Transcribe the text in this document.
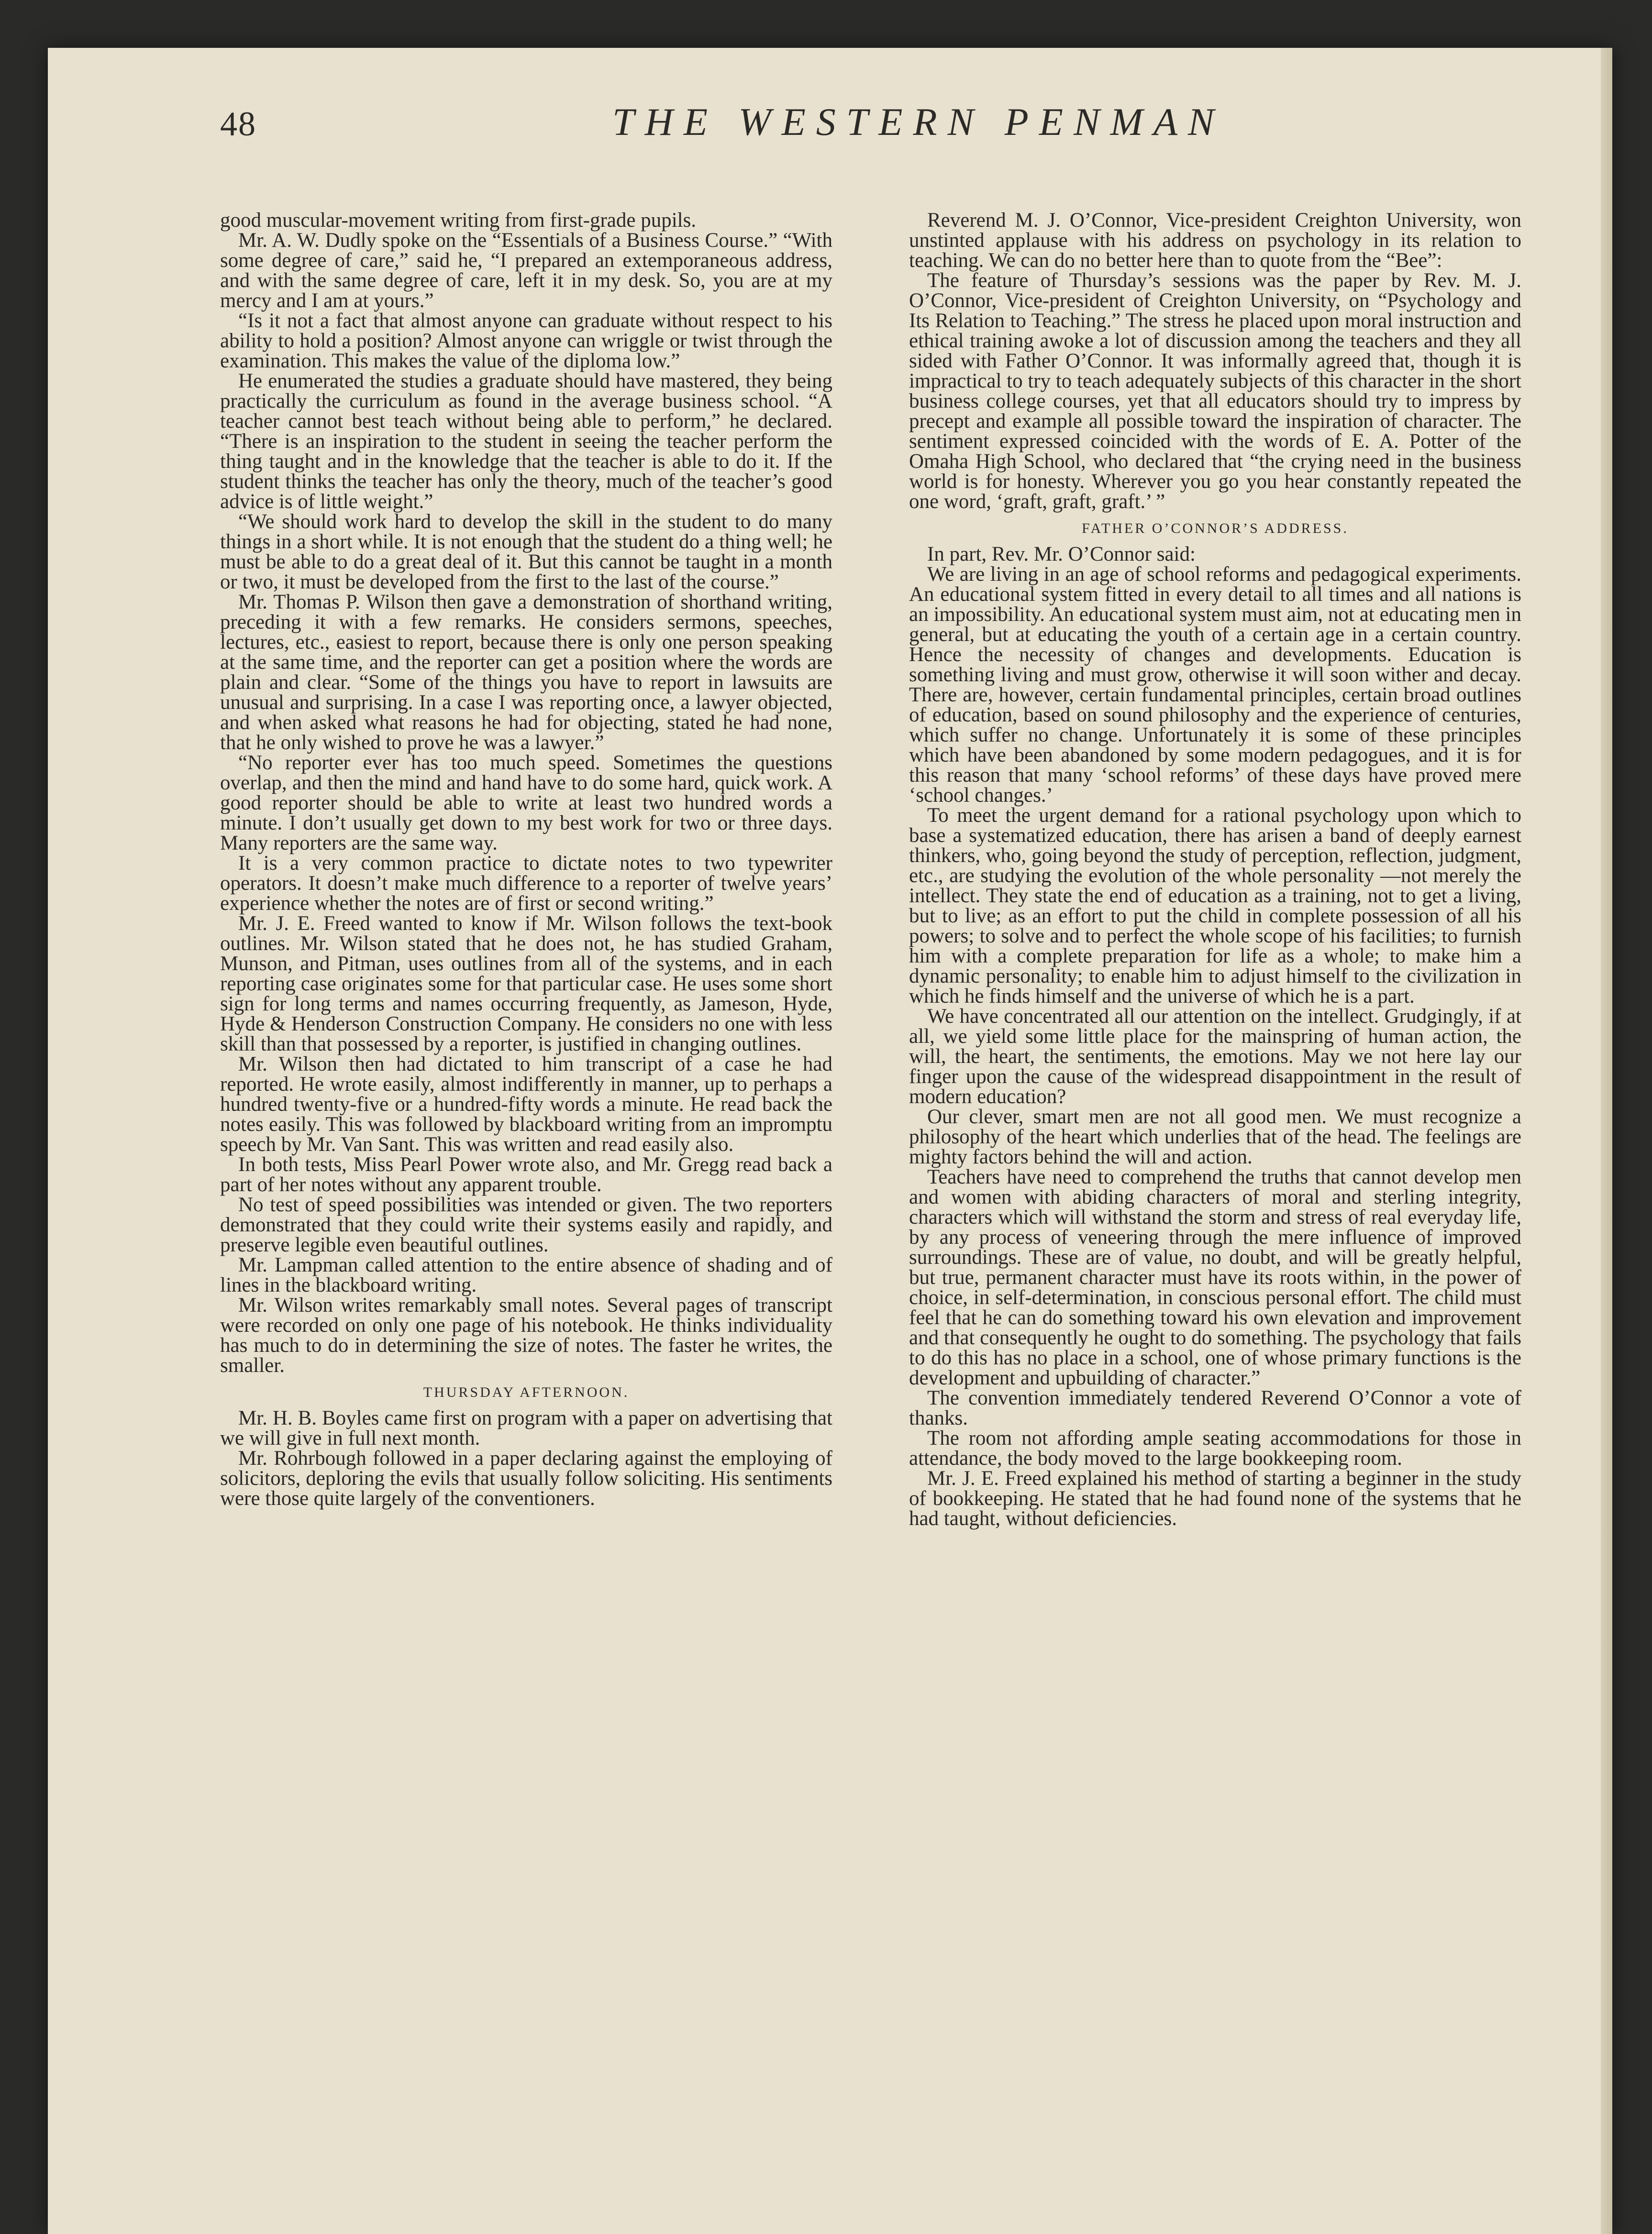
48	THE WESTERN PENMAN

good muscular-movement writing from first-grade pupils.

Mr. A. W. Dudly spoke on the “Essentials of a Business Course.” “With some degree of care,” said he, “I prepared an extemporaneous address, and with the same degree of care, left it in my desk. So, you are at my mercy and I am at yours.”

“Is it not a fact that almost anyone can graduate without respect to his ability to hold a position? Almost anyone can wriggle or twist through the examination. This makes the value of the diploma low.”

He enumerated the studies a graduate should have mastered, they being practically the curriculum as found in the average business school. “A teacher cannot best teach without being able to perform,” he declared. “There is an inspiration to the student in seeing the teacher perform the thing taught and in the knowledge that the teacher is able to do it. If the student thinks the teacher has only the theory, much of the teacher’s good advice is of little weight.”

“We should work hard to develop the skill in the student to do many things in a short while. It is not enough that the student do a thing well; he must be able to do a great deal of it. But this cannot be taught in a month or two, it must be developed from the first to the last of the course.”

Mr. Thomas P. Wilson then gave a demonstration of shorthand writing, preceding it with a few remarks. He considers sermons, speeches, lectures, etc., easiest to report, because there is only one person speaking at the same time, and the reporter can get a position where the words are plain and clear. “Some of the things you have to report in lawsuits are unusual and surprising. In a case I was reporting once, a lawyer objected, and when asked what reasons he had for objecting, stated he had none, that he only wished to prove he was a lawyer.”

“No reporter ever has too much speed. Sometimes the questions overlap, and then the mind and hand have to do some hard, quick work. A good reporter should be able to write at least two hundred words a minute. I don’t usually get down to my best work for two or three days. Many reporters are the same way.

It is a very common practice to dictate notes to two typewriter operators. It doesn’t make much difference to a reporter of twelve years’ experience whether the notes are of first or second writing.”

Mr. J. E. Freed wanted to know if Mr. Wilson follows the text-book outlines. Mr. Wilson stated that he does not, he has studied Graham, Munson, and Pitman, uses outlines from all of the systems, and in each reporting case originates some for that particular case. He uses some short sign for long terms and names occurring frequently, as Jameson, Hyde, Hyde & Henderson Construction Company. He considers no one with less skill than that possessed by a reporter, is justified in changing outlines.

Mr. Wilson then had dictated to him transcript of a case he had reported. He wrote easily, almost indifferently in manner, up to perhaps a hundred twenty-five or a hundred-fifty words a minute. He read back the notes easily. This was followed by blackboard writing from an impromptu speech by Mr. Van Sant. This was written and read easily also.

In both tests, Miss Pearl Power wrote also, and Mr. Gregg read back a part of her notes without any apparent trouble.

No test of speed possibilities was intended or given. The two reporters demonstrated that they could write their systems easily and rapidly, and preserve legible even beautiful outlines.

Mr. Lampman called attention to the entire absence of shading and of lines in the blackboard writing.

Mr. Wilson writes remarkably small notes. Several pages of transcript were recorded on only one page of his notebook. He thinks individuality has much to do in determining the size of notes. The faster he writes, the smaller.

THURSDAY AFTERNOON.

Mr. H. B. Boyles came first on program with a paper on advertising that we will give in full next month.

Mr. Rohrbough followed in a paper declaring against the employing of solicitors, deploring the evils that usually follow soliciting. His sentiments were those quite largely of the conventioners.

Reverend M. J. O’Connor, Vice-president Creighton University, won unstinted applause with his address on psychology in its relation to teaching. We can do no better here than to quote from the “Bee”:

The feature of Thursday’s sessions was the paper by Rev. M. J. O’Connor, Vice-president of Creighton University, on “Psychology and Its Relation to Teaching.” The stress he placed upon moral instruction and ethical training awoke a lot of discussion among the teachers and they all sided with Father O’Connor. It was informally agreed that, though it is impractical to try to teach adequately subjects of this character in the short business college courses, yet that all educators should try to impress by precept and example all possible toward the inspiration of character. The sentiment expressed coincided with the words of E. A. Potter of the Omaha High School, who declared that “the crying need in the business world is for honesty. Wherever you go you hear constantly repeated the one word, ‘graft, graft, graft.’ ”

FATHER O’CONNOR’S ADDRESS.

In part, Rev. Mr. O’Connor said:

We are living in an age of school reforms and pedagogical experiments. An educational system fitted in every detail to all times and all nations is an impossibility. An educational system must aim, not at educating men in general, but at educating the youth of a certain age in a certain country. Hence the necessity of changes and developments. Education is something living and must grow, otherwise it will soon wither and decay. There are, however, certain fundamental principles, certain broad outlines of education, based on sound philosophy and the experience of centuries, which suffer no change. Unfortunately it is some of these principles which have been abandoned by some modern pedagogues, and it is for this reason that many ‘school reforms’ of these days have proved mere ‘school changes.’

To meet the urgent demand for a rational psychology upon which to base a systematized education, there has arisen a band of deeply earnest thinkers, who, going beyond the study of perception, reflection, judgment, etc., are studying the evolution of the whole personality —not merely the intellect. They state the end of education as a training, not to get a living, but to live; as an effort to put the child in complete possession of all his powers; to solve and to perfect the whole scope of his facilities; to furnish him with a complete preparation for life as a whole; to make him a dynamic personality; to enable him to adjust himself to the civilization in which he finds himself and the universe of which he is a part.

We have concentrated all our attention on the intellect. Grudgingly, if at all, we yield some little place for the mainspring of human action, the will, the heart, the sentiments, the emotions. May we not here lay our finger upon the cause of the widespread disappointment in the result of modern education?

Our clever, smart men are not all good men. We must recognize a philosophy of the heart which underlies that of the head. The feelings are mighty factors behind the will and action.

Teachers have need to comprehend the truths that cannot develop men and women with abiding characters of moral and sterling integrity, characters which will withstand the storm and stress of real everyday life, by any process of veneering through the mere influence of improved surroundings. These are of value, no doubt, and will be greatly helpful, but true, permanent character must have its roots within, in the power of choice, in self-determination, in conscious personal effort. The child must feel that he can do something toward his own elevation and improvement and that consequently he ought to do something. The psychology that fails to do this has no place in a school, one of whose primary functions is the development and upbuilding of character.”

The convention immediately tendered Reverend O’Connor a vote of thanks.

The room not affording ample seating accommodations for those in attendance, the body moved to the large bookkeeping room.

Mr. J. E. Freed explained his method of starting a beginner in the study of bookkeeping. He stated that he had found none of the systems that he had taught, without deficiencies.
